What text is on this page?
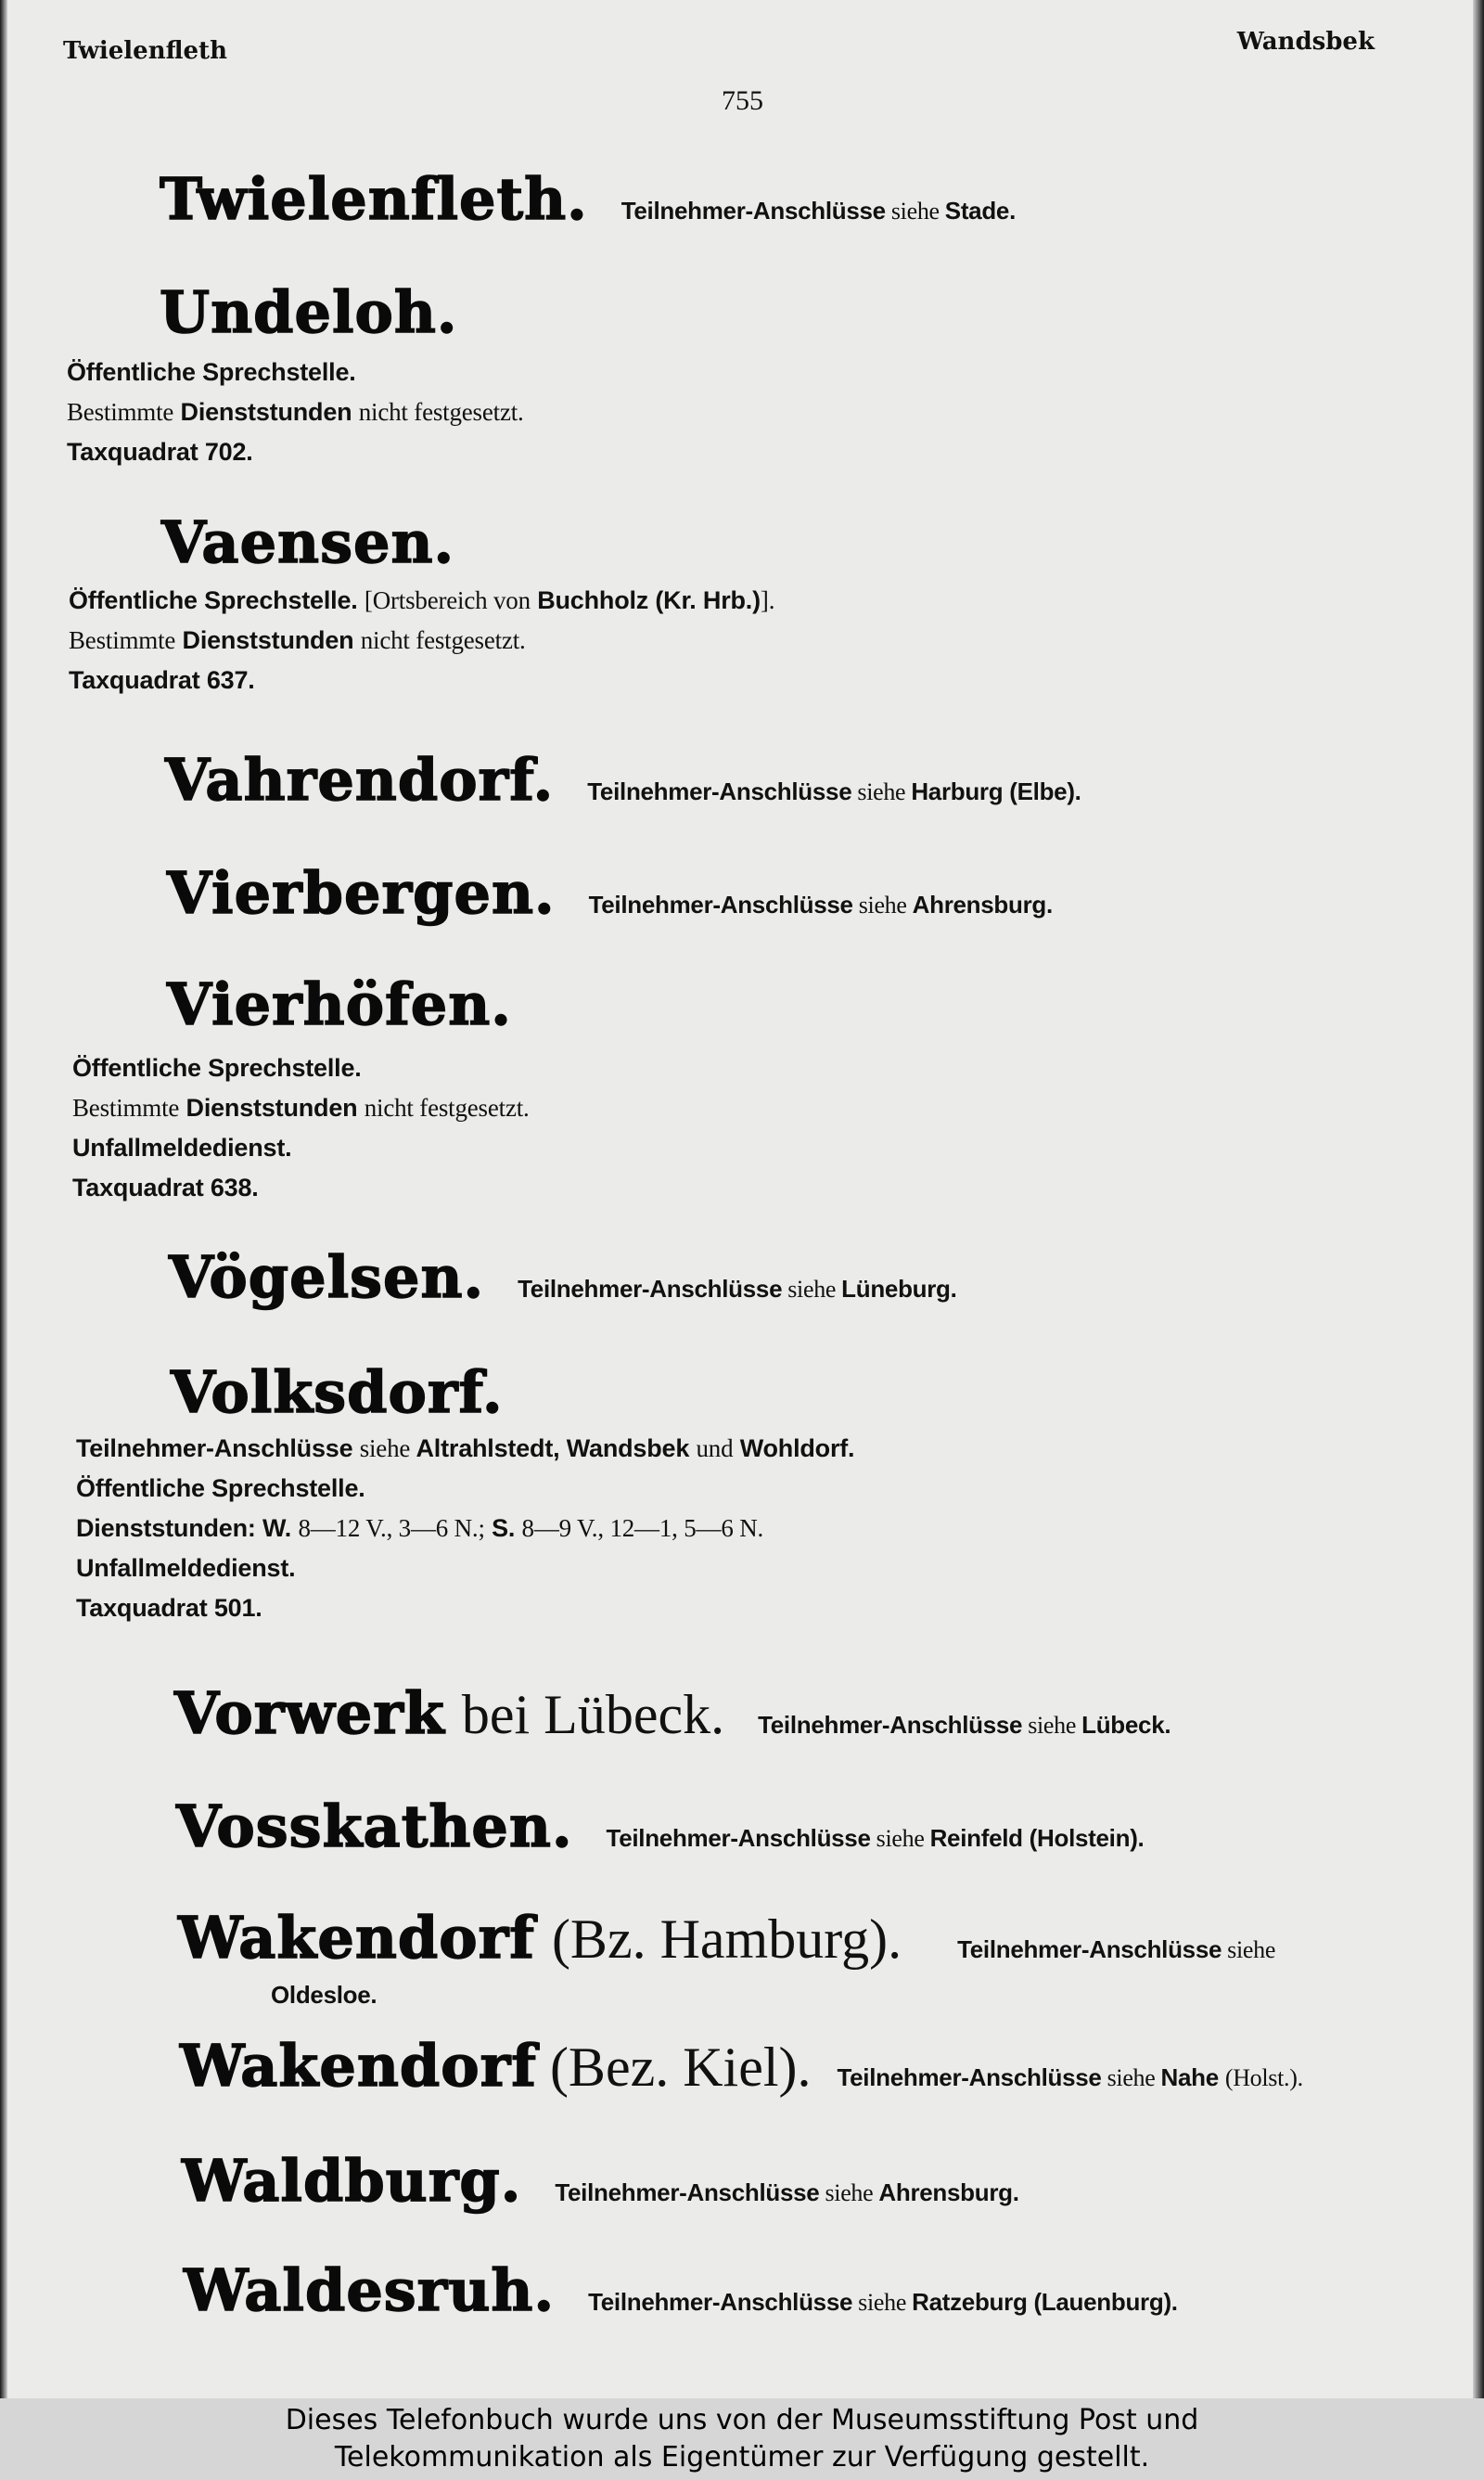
Twielenfleth	Wandsbek
755
Twielenfleth. Teilnehmer-Anschlüsse siehe Stade.
Undeloh.
Öffentliche Sprechstelle.
Bestimmte Dienststunden nicht festgesetzt.
Taxquadrat 702.
Vaensen.
Öffentliche Sprechstelle. [Ortsbereich von Buchholz (Kr. Hrb.)].
Bestimmte Dienststunden nicht festgesetzt.
Taxquadrat 637.
Vahrendorf. Teilnehmer-Anschlüsse siehe Harburg (Elbe).
Vierbergen. Teilnehmer-Anschlüsse siehe Ahrensburg.
Vierhöfen.
Öffentliche Sprechstelle.
Bestimmte Dienststunden nicht festgesetzt.
Unfallmeldedienst.
Taxquadrat 638.
Vögelsen. Teilnehmer-Anschlüsse siehe Lüneburg.
Volksdorf.
Teilnehmer-Anschlüsse siehe Altrahlstedt, Wandsbek und Wohldorf.
Öffentliche Sprechstelle.
Dienststunden: W. 8—12 V., 3—6 N.; S. 8—9 V., 12—1, 5—6 N.
Unfallmeldedienst.
Taxquadrat 501.
Vorwerk bei Lübeck. Teilnehmer-Anschlüsse siehe Lübeck.
Vosskathen. Teilnehmer-Anschlüsse siehe Reinfeld (Holstein).
Wakendorf (Bz. Hamburg). Teilnehmer-Anschlüsse siehe
Oldesloe.
Wakendorf (Bez. Kiel). Teilnehmer-Anschlüsse siehe Nahe (Holst.).
Waldburg. Teilnehmer-Anschlüsse siehe Ahrensburg.
Waldesruh. Teilnehmer-Anschlüsse siehe Ratzeburg (Lauenburg).
Dieses Telefonbuch wurde uns von der Museumsstiftung Post und
Telekommunikation als Eigentümer zur Verfügung gestellt.
